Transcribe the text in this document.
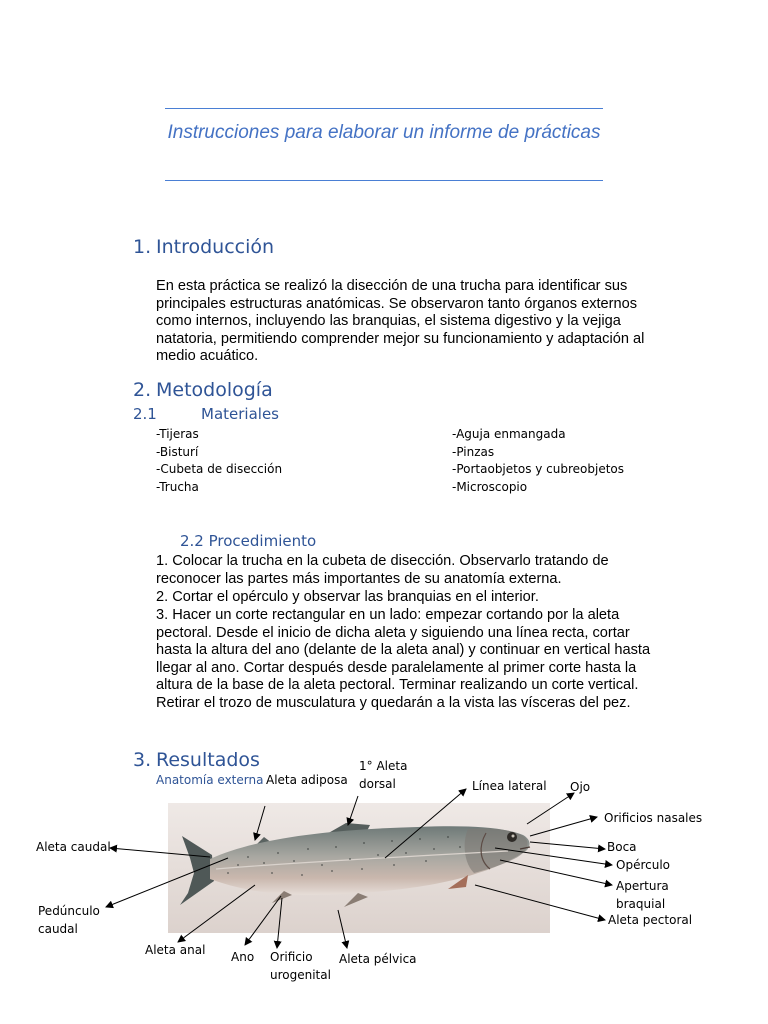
Instrucciones para elaborar un informe de prácticas
1. Introducción
En esta práctica se realizó la disección de una trucha para identificar sus principales estructuras anatómicas. Se observaron tanto órganos externos como internos, incluyendo las branquias, el sistema digestivo y la vejiga natatoria, permitiendo comprender mejor su funcionamiento y adaptación al medio acuático.
2. Metodología
2.1	Materiales
-Tijeras
-Bisturí
-Cubeta de disección
-Trucha
-Aguja enmangada
-Pinzas
-Portaobjetos y cubreobjetos
-Microscopio
2.2 Procedimiento
1. Colocar la trucha en la cubeta de disección. Observarlo tratando de reconocer las partes más importantes de su anatomía externa.
2. Cortar el opérculo y observar las branquias en el interior.
3. Hacer un corte rectangular en un lado: empezar cortando por la aleta pectoral. Desde el inicio de dicha aleta y siguiendo una línea recta, cortar hasta la altura del ano (delante de la aleta anal) y continuar en vertical hasta llegar al ano. Cortar después desde paralelamente al primer corte hasta la altura de la base de la aleta pectoral. Terminar realizando un corte vertical. Retirar el trozo de musculatura y quedarán a la vista las vísceras del pez.
3. Resultados
Anatomía externa Aleta adiposa
1° Aleta dorsal	Línea lateral Ojo
Orificios nasales
Boca
Opérculo
Apertura braquial
Aleta pectoral
Aleta caudal
Pedúnculo caudal
Aleta anal Ano Orificio urogenital
Aleta pélvica
